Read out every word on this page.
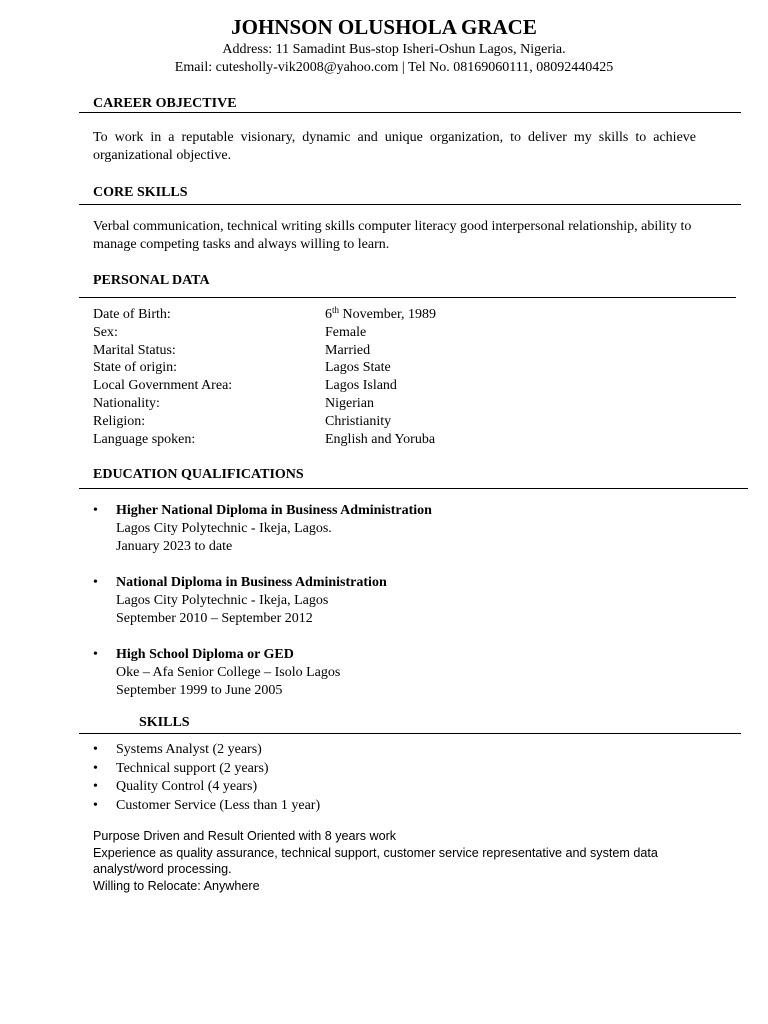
JOHNSON OLUSHOLA GRACE
Address: 11 Samadint Bus-stop Isheri-Oshun Lagos, Nigeria.
Email: cutesholly-vik2008@yahoo.com | Tel No. 08169060111, 08092440425
CAREER OBJECTIVE
To work in a reputable visionary, dynamic and unique organization, to deliver my skills to achieve organizational objective.
CORE SKILLS
Verbal communication, technical writing skills computer literacy good interpersonal relationship, ability to manage competing tasks and always willing to learn.
PERSONAL DATA
Date of Birth:	6th November, 1989
Sex:	Female
Marital Status:	Married
State of origin:	Lagos State
Local Government Area:	Lagos Island
Nationality:	Nigerian
Religion:	Christianity
Language spoken:	English and Yoruba
EDUCATION QUALIFICATIONS
•	Higher National Diploma in Business Administration
Lagos City Polytechnic - Ikeja, Lagos.
January 2023 to date
•	National Diploma in Business Administration
Lagos City Polytechnic - Ikeja, Lagos
September 2010 – September 2012
•	High School Diploma or GED
Oke – Afa Senior College – Isolo Lagos
September 1999 to June 2005
SKILLS
•	Systems Analyst (2 years)
•	Technical support (2 years)
•	Quality Control (4 years)
•	Customer Service (Less than 1 year)
Purpose Driven and Result Oriented with 8 years work
Experience as quality assurance, technical support, customer service representative and system data analyst/word processing.
Willing to Relocate: Anywhere
